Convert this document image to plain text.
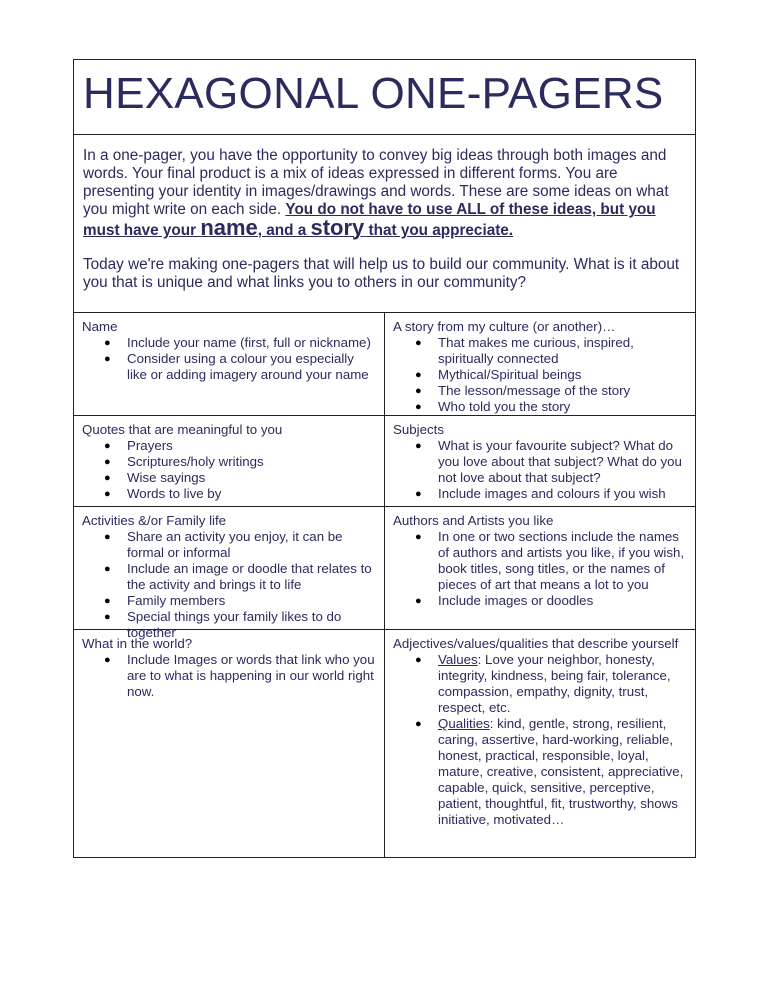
HEXAGONAL ONE-PAGERS

In a one-pager, you have the opportunity to convey big ideas through both images and words. Your final product is a mix of ideas expressed in different forms. You are presenting your identity in images/drawings and words. These are some ideas on what you might write on each side. You do not have to use ALL of these ideas, but you must have your name, and a story that you appreciate.

Today we're making one-pagers that will help us to build our community. What is it about you that is unique and what links you to others in our community?

Name
● Include your name (first, full or nickname)
● Consider using a colour you especially like or adding imagery around your name
A story from my culture (or another)…
● That makes me curious, inspired, spiritually connected
● Mythical/Spiritual beings
● The lesson/message of the story
● Who told you the story
Quotes that are meaningful to you
● Prayers
● Scriptures/holy writings
● Wise sayings
● Words to live by
Subjects
● What is your favourite subject? What do you love about that subject? What do you not love about that subject?
● Include images and colours if you wish
Activities &/or Family life
● Share an activity you enjoy, it can be formal or informal
● Include an image or doodle that relates to the activity and brings it to life
● Family members
● Special things your family likes to do together
Authors and Artists you like
● In one or two sections include the names of authors and artists you like, if you wish, book titles, song titles, or the names of pieces of art that means a lot to you
● Include images or doodles
What in the world?
● Include Images or words that link who you are to what is happening in our world right now.
Adjectives/values/qualities that describe yourself
● Values: Love your neighbor, honesty, integrity, kindness, being fair, tolerance, compassion, empathy, dignity, trust, respect, etc.
● Qualities: kind, gentle, strong, resilient, caring, assertive, hard-working, reliable, honest, practical, responsible, loyal, mature, creative, consistent, appreciative, capable, quick, sensitive, perceptive, patient, thoughtful, fit, trustworthy, shows initiative, motivated…
